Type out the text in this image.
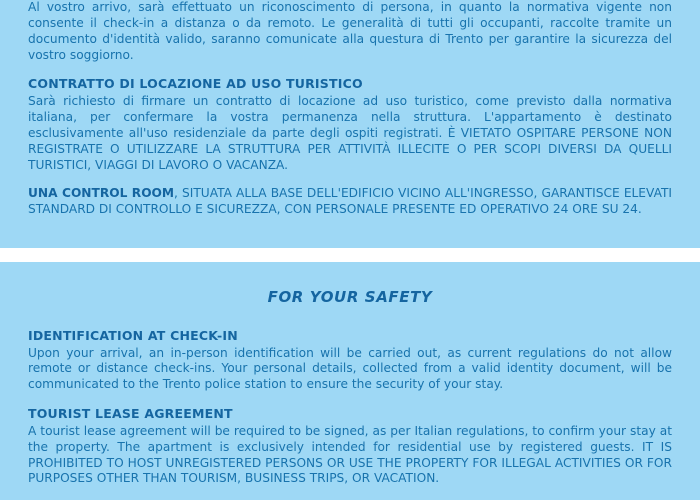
Al vostro arrivo, sarà effettuato un riconoscimento di persona, in quanto la normativa vigente non consente il check-in a distanza o da remoto. Le generalità di tutti gli occupanti, raccolte tramite un documento d'identità valido, saranno comunicate alla questura di Trento per garantire la sicurezza del vostro soggiorno.

CONTRATTO DI LOCAZIONE AD USO TURISTICO

Sarà richiesto di firmare un contratto di locazione ad uso turistico, come previsto dalla normativa italiana, per confermare la vostra permanenza nella struttura. L'appartamento è destinato esclusivamente all'uso residenziale da parte degli ospiti registrati. È VIETATO OSPITARE PERSONE NON REGISTRATE O UTILIZZARE LA STRUTTURA PER ATTIVITÀ ILLECITE O PER SCOPI DIVERSI DA QUELLI TURISTICI, VIAGGI DI LAVORO O VACANZA.

UNA CONTROL ROOM, SITUATA ALLA BASE DELL'EDIFICIO VICINO ALL'INGRESSO, GARANTISCE ELEVATI STANDARD DI CONTROLLO E SICUREZZA, CON PERSONALE PRESENTE ED OPERATIVO 24 ORE SU 24.

FOR YOUR SAFETY
IDENTIFICATION AT CHECK-IN

Upon your arrival, an in-person identification will be carried out, as current regulations do not allow remote or distance check-ins. Your personal details, collected from a valid identity document, will be communicated to the Trento police station to ensure the security of your stay.

TOURIST LEASE AGREEMENT

A tourist lease agreement will be required to be signed, as per Italian regulations, to confirm your stay at the property. The apartment is exclusively intended for residential use by registered guests. IT IS PROHIBITED TO HOST UNREGISTERED PERSONS OR USE THE PROPERTY FOR ILLEGAL ACTIVITIES OR FOR PURPOSES OTHER THAN TOURISM, BUSINESS TRIPS, OR VACATION.
